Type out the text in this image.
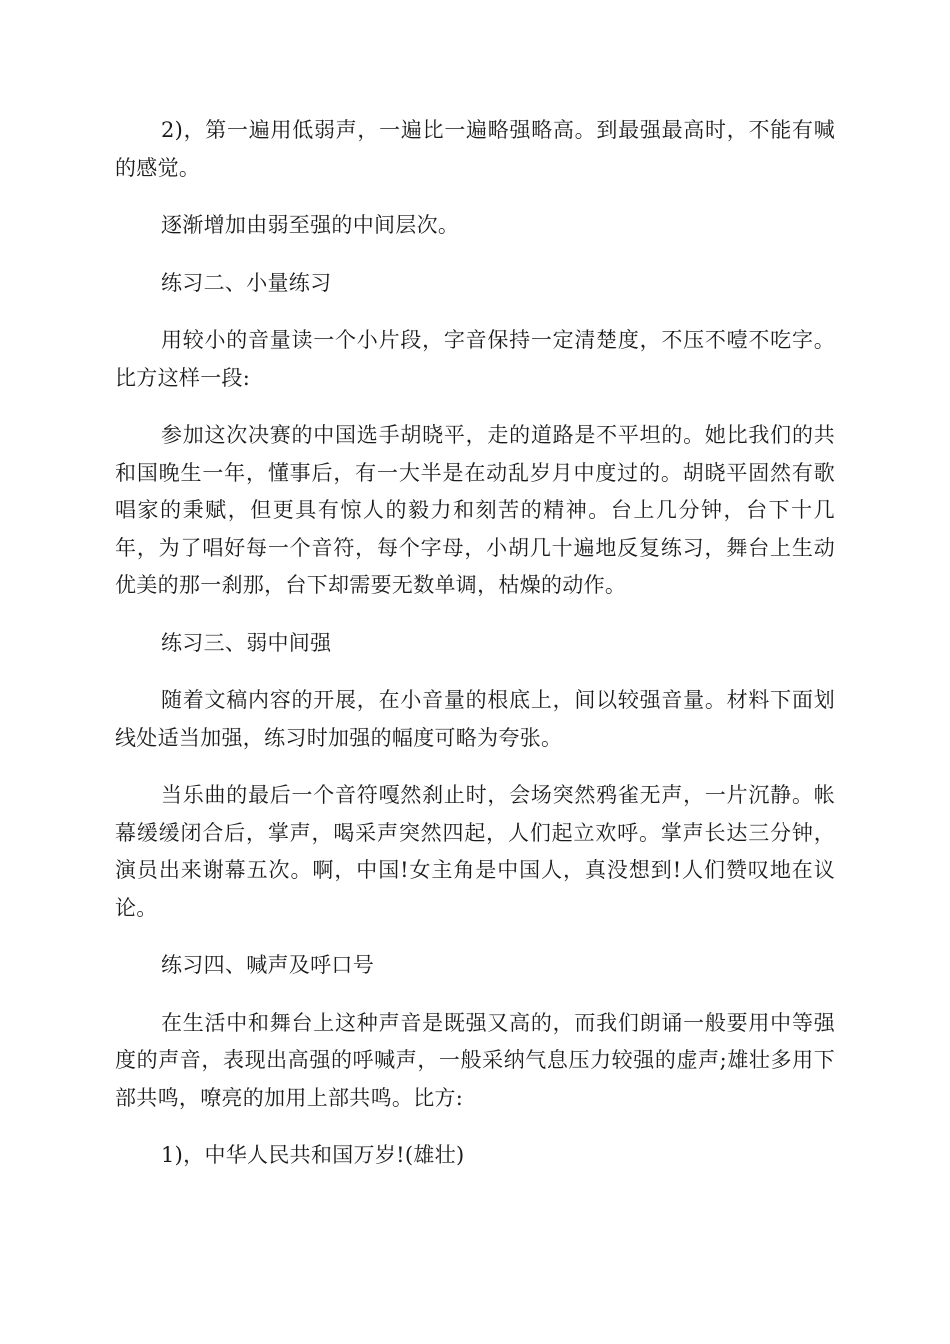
2)，第一遍用低弱声，一遍比一遍略强略高。到最强最高时，不能有喊的感觉。

逐渐增加由弱至强的中间层次。

练习二、小量练习

用较小的音量读一个小片段，字音保持一定清楚度，不压不噎不吃字。比方这样一段:

参加这次决赛的中国选手胡晓平，走的道路是不平坦的。她比我们的共和国晚生一年，懂事后，有一大半是在动乱岁月中度过的。胡晓平固然有歌唱家的秉赋，但更具有惊人的毅力和刻苦的精神。台上几分钟，台下十几年，为了唱好每一个音符，每个字母，小胡几十遍地反复练习，舞台上生动优美的那一刹那，台下却需要无数单调，枯燥的动作。

练习三、弱中间强

随着文稿内容的开展，在小音量的根底上，间以较强音量。材料下面划线处适当加强，练习时加强的幅度可略为夸张。

当乐曲的最后一个音符嘎然刹止时，会场突然鸦雀无声，一片沉静。帐幕缓缓闭合后，掌声，喝采声突然四起，人们起立欢呼。掌声长达三分钟，演员出来谢幕五次。啊，中国!女主角是中国人，真没想到!人们赞叹地在议论。

练习四、喊声及呼口号

在生活中和舞台上这种声音是既强又高的，而我们朗诵一般要用中等强度的声音，表现出高强的呼喊声，一般采纳气息压力较强的虚声;雄壮多用下部共鸣，嘹亮的加用上部共鸣。比方:

1)，中华人民共和国万岁!(雄壮)
